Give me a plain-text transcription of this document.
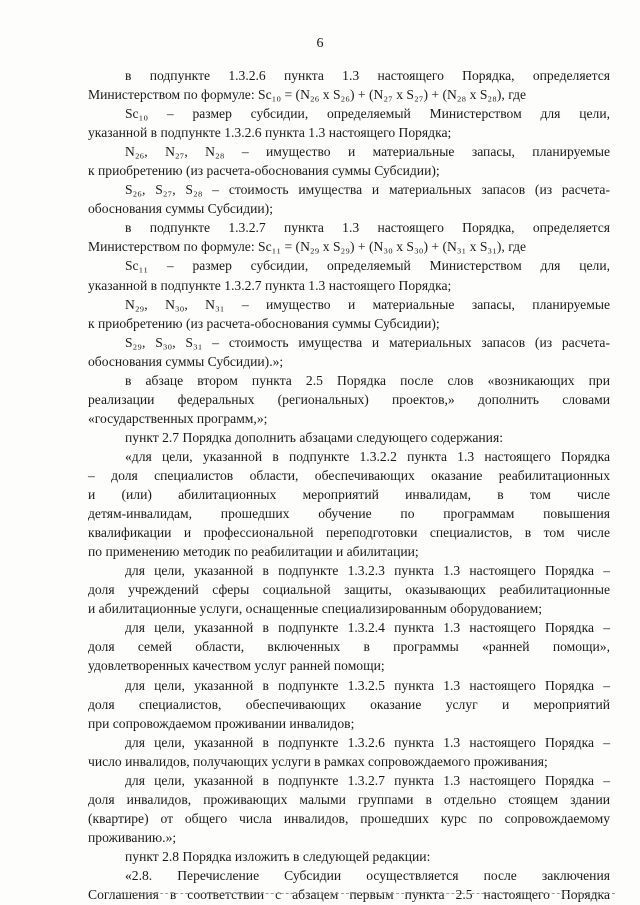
6
в подпункте 1.3.2.6 пункта 1.3 настоящего Порядка, определяется
Министерством по формуле: Sс₁₀ = (N₂₆ х S₂₆) + (N₂₇ х S₂₇) + (N₂₈ х S₂₈), где
Sс₁₀ – размер субсидии, определяемый Министерством для цели,
указанной в подпункте 1.3.2.6 пункта 1.3 настоящего Порядка;
N₂₆, N₂₇, N₂₈ – имущество и материальные запасы, планируемые
к приобретению (из расчета-обоснования суммы Субсидии);
S₂₆, S₂₇, S₂₈ – стоимость имущества и материальных запасов (из расчета-
обоснования суммы Субсидии);
в подпункте 1.3.2.7 пункта 1.3 настоящего Порядка, определяется
Министерством по формуле: Sс₁₁ = (N₂₉ х S₂₉) + (N₃₀ х S₃₀) + (N₃₁ х S₃₁), где
Sс₁₁ – размер субсидии, определяемый Министерством для цели,
указанной в подпункте 1.3.2.7 пункта 1.3 настоящего Порядка;
N₂₉, N₃₀, N₃₁ – имущество и материальные запасы, планируемые
к приобретению (из расчета-обоснования суммы Субсидии);
S₂₉, S₃₀, S₃₁ – стоимость имущества и материальных запасов (из расчета-
обоснования суммы Субсидии).»;
в абзаце втором пункта 2.5 Порядка после слов «возникающих при
реализации федеральных (региональных) проектов,» дополнить словами
«государственных программ,»;
пункт 2.7 Порядка дополнить абзацами следующего содержания:
«для цели, указанной в подпункте 1.3.2.2 пункта 1.3 настоящего Порядка
– доля специалистов области, обеспечивающих оказание реабилитационных
и (или) абилитационных мероприятий инвалидам, в том числе
детям-инвалидам, прошедших обучение по программам повышения
квалификации и профессиональной переподготовки специалистов, в том числе
по применению методик по реабилитации и абилитации;
для цели, указанной в подпункте 1.3.2.3 пункта 1.3 настоящего Порядка –
доля учреждений сферы социальной защиты, оказывающих реабилитационные
и абилитационные услуги, оснащенные специализированным оборудованием;
для цели, указанной в подпункте 1.3.2.4 пункта 1.3 настоящего Порядка –
доля семей области, включенных в программы «ранней помощи»,
удовлетворенных качеством услуг ранней помощи;
для цели, указанной в подпункте 1.3.2.5 пункта 1.3 настоящего Порядка –
доля специалистов, обеспечивающих оказание услуг и мероприятий
при сопровождаемом проживании инвалидов;
для цели, указанной в подпункте 1.3.2.6 пункта 1.3 настоящего Порядка –
число инвалидов, получающих услуги в рамках сопровождаемого проживания;
для цели, указанной в подпункте 1.3.2.7 пункта 1.3 настоящего Порядка –
доля инвалидов, проживающих малыми группами в отдельно стоящем здании
(квартире) от общего числа инвалидов, прошедших курс по сопровождаемому
проживанию.»;
пункт 2.8 Порядка изложить в следующей редакции:
«2.8. Перечисление Субсидии осуществляется после заключения
Соглашения в соответствии с абзацем первым пункта 2.5 настоящего Порядка
